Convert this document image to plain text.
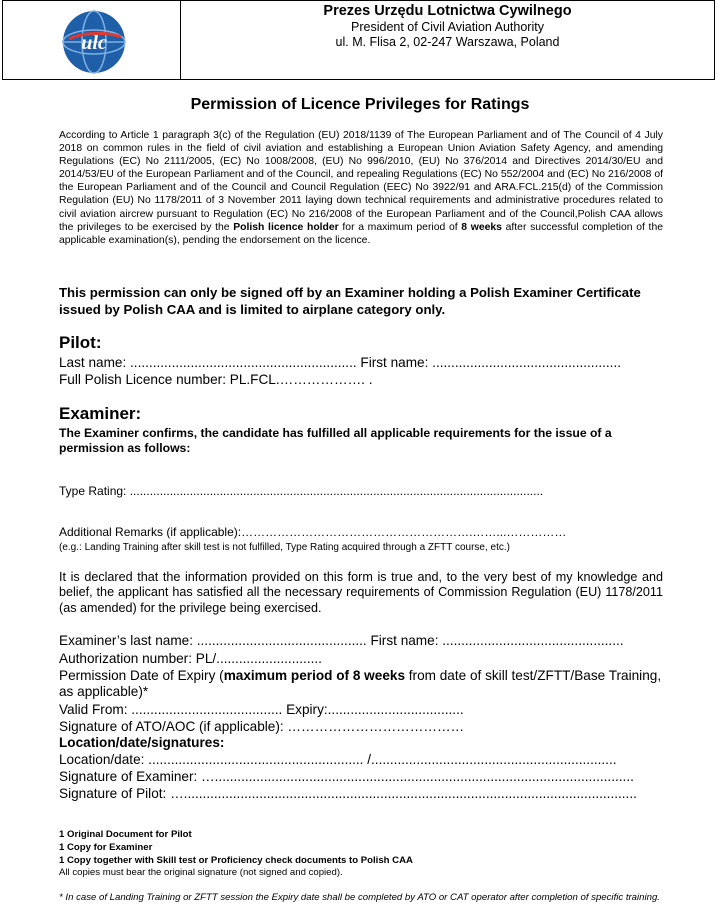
ulc
Prezes Urzędu Lotnictwa Cywilnego
President of Civil Aviation Authority
ul. M. Flisa 2, 02-247 Warszawa, Poland
Permission of Licence Privileges for Ratings
According to Article 1 paragraph 3(c) of the Regulation (EU) 2018/1139 of The European Parliament and of The Council of 4 July 2018 on common rules in the field of civil aviation and establishing a European Union Aviation Safety Agency, and amending Regulations (EC) No 2111/2005, (EC) No 1008/2008, (EU) No 996/2010, (EU) No 376/2014 and Directives 2014/30/EU and 2014/53/EU of the European Parliament and of the Council, and repealing Regulations (EC) No 552/2004 and (EC) No 216/2008 of the European Parliament and of the Council and Council Regulation (EEC) No 3922/91 and ARA.FCL.215(d) of the Commission Regulation (EU) No 1178/2011 of 3 November 2011 laying down technical requirements and administrative procedures related to civil aviation aircrew pursuant to Regulation (EC) No 216/2008 of the European Parliament and of the Council,Polish CAA allows the privileges to be exercised by the Polish licence holder for a maximum period of 8 weeks after successful completion of the applicable examination(s), pending the endorsement on the licence.
This permission can only be signed off by an Examiner holding a Polish Examiner Certificate issued by Polish CAA and is limited to airplane category only.
Pilot:
Last name: ............................................................ First name: ..................................................
Full Polish Licence number: PL.FCL.………………. .
Examiner:
The Examiner confirms, the candidate has fulfilled all applicable requirements for the issue of a permission as follows:
Type Rating: ............................................................................................................................
Additional Remarks (if applicable):………………………………………………….……...……………
(e.g.: Landing Training after skill test is not fulfilled, Type Rating acquired through a ZFTT course, etc.)
It is declared that the information provided on this form is true and, to the very best of my knowledge and belief, the applicant has satisfied all the necessary requirements of Commission Regulation (EU) 1178/2011 (as amended) for the privilege being exercised.
Examiner’s last name: ............................................. First name: ................................................
Authorization number: PL/............................
Permission Date of Expiry (maximum period of 8 weeks from date of skill test/ZFTT/Base Training, as applicable)*
Valid From: ........................................ Expiry:....................................
Signature of ATO/AOC (if applicable): …………………………………
Location/date/signatures:
Location/date: ......................................................... /.................................................................
Signature of Examiner: …...............................................................................................................
Signature of Pilot: …........................................................................................................................
1 Original Document for Pilot
1 Copy for Examiner
1 Copy together with Skill test or Proficiency check documents to Polish CAA
All copies must bear the original signature (not signed and copied).
* In case of Landing Training or ZFTT session the Expiry date shall be completed by ATO or CAT operator after completion of specific training.
